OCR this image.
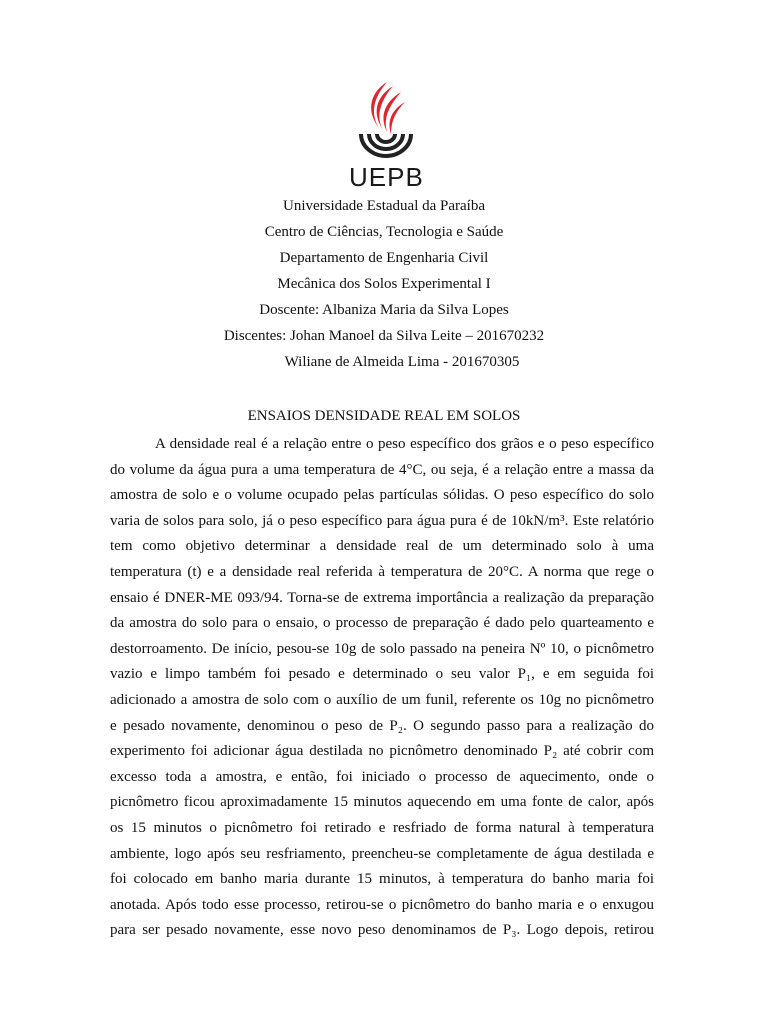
UEPB
Universidade Estadual da Paraíba
Centro de Ciências, Tecnologia e Saúde
Departamento de Engenharia Civil
Mecânica dos Solos Experimental I
Doscente: Albaniza Maria da Silva Lopes
Discentes: Johan Manoel da Silva Leite – 201670232
Wiliane de Almeida Lima - 201670305
ENSAIOS DENSIDADE REAL EM SOLOS
A densidade real é a relação entre o peso específico dos grãos e o peso específico
do volume da água pura a uma temperatura de 4°C, ou seja, é a relação entre a massa da
amostra de solo e o volume ocupado pelas partículas sólidas. O peso específico do solo
varia de solos para solo, já o peso específico para água pura é de 10kN/m³. Este relatório
tem como objetivo determinar a densidade real de um determinado solo à uma
temperatura (t) e a densidade real referida à temperatura de 20°C. A norma que rege o
ensaio é DNER-ME 093/94. Torna-se de extrema importância a realização da preparação
da amostra do solo para o ensaio, o processo de preparação é dado pelo quarteamento e
destorroamento. De início, pesou-se 10g de solo passado na peneira Nº 10, o picnômetro
vazio e limpo também foi pesado e determinado o seu valor P₁, e em seguida foi
adicionado a amostra de solo com o auxílio de um funil, referente os 10g no picnômetro
e pesado novamente, denominou o peso de P₂. O segundo passo para a realização do
experimento foi adicionar água destilada no picnômetro denominado P₂ até cobrir com
excesso toda a amostra, e então, foi iniciado o processo de aquecimento, onde o
picnômetro ficou aproximadamente 15 minutos aquecendo em uma fonte de calor, após
os 15 minutos o picnômetro foi retirado e resfriado de forma natural à temperatura
ambiente, logo após seu resfriamento, preencheu-se completamente de água destilada e
foi colocado em banho maria durante 15 minutos, à temperatura do banho maria foi
anotada. Após todo esse processo, retirou-se o picnômetro do banho maria e o enxugou
para ser pesado novamente, esse novo peso denominamos de P₃. Logo depois, retirou
